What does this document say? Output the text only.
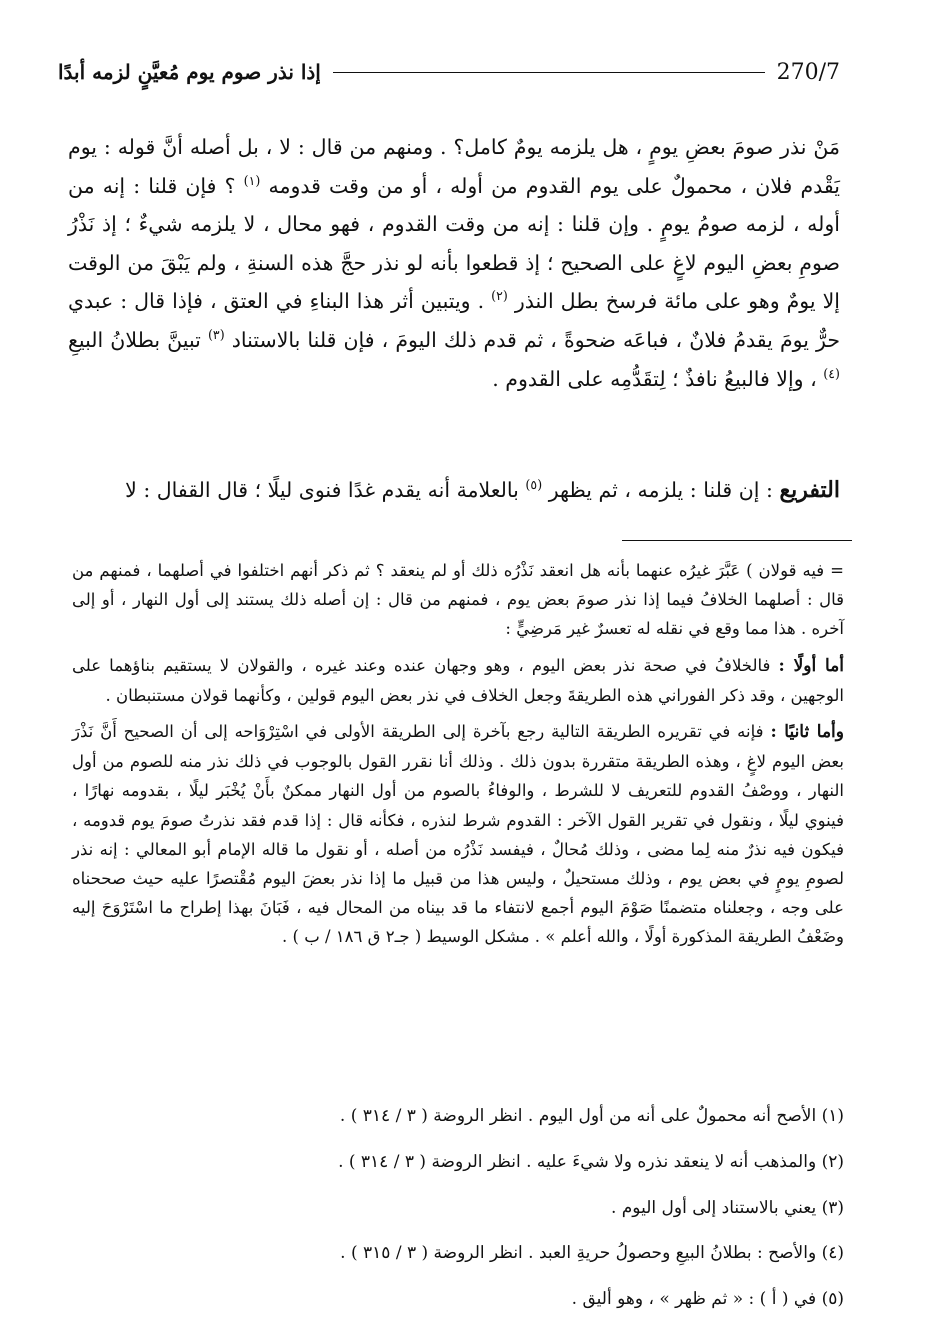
270/7
إذا نذر صوم يوم مُعيَّنٍ لزمه أبدًا

مَنْ نذر صومَ بعضِ يومٍ ، هل يلزمه يومٌ كامل؟ . ومنهم من قال : لا ، بل أصله أنَّ قوله : يوم يَقْدم فلان ، محمولٌ على يوم القدوم من أوله ، أو من وقت قدومه $^{(١)}$ ؟ فإن قلنا : إنه من أوله ، لزمه صومُ يومٍ . وإن قلنا : إنه من وقت القدوم ، فهو محال ، لا يلزمه شيءٌ ؛ إذ نَذْرُ صومِ بعضِ اليوم لاغٍ على الصحيح ؛ إذ قطعوا بأنه لو نذر حجَّ هذه السنةِ ، ولم يَبْقَ من الوقت إلا يومٌ وهو على مائة فرسخ بطل النذر $^{(٢)}$ . ويتبين أثر هذا البناءِ في العتق ، فإذا قال : عبدي حرٌّ يومَ يقدمُ فلانٌ ، فباعَه ضحوةً ، ثم قدم ذلك اليومَ ، فإن قلنا بالاستناد $^{(٣)}$ تبينَّ بطلانُ البيعِ $^{(٤)}$ ، وإلا فالبيعُ نافذٌ ؛ لِتقَدُّمِه على القدوم .

التفريع : إن قلنا : يلزمه ، ثم يظهر $^{(٥)}$ بالعلامة أنه يقدم غدًا فنوى ليلًا ؛ قال القفال : لا

= فيه قولان ) عَبَّرَ غيرُه عنهما بأنه هل انعقد نَذْرُه ذلك أو لم ينعقد ؟ ثم ذكر أنهم اختلفوا في أصلهما ، فمنهم من قال : أصلهما الخلافُ فيما إذا نذر صومَ بعض يوم ، فمنهم من قال : إن أصله ذلك يستند إلى أول النهار ، أو إلى آخره . هذا مما وقع في نقله له تعسرٌ غير مَرضِيٍّ :

أما أولًا : فالخلافُ في صحة نذر بعض اليوم ، وهو وجهان عنده وعند غيره ، والقولان لا يستقيم بناؤهما على الوجهين ، وقد ذكر الفوراني هذه الطريقةَ وجعل الخلاف في نذر بعض اليوم قولين ، وكأنهما قولان مستنبطان .

وأما ثانيًا : فإنه في تقريره الطريقة التالية رجع بآخرة إلى الطريقة الأولى في اسْتِرْوَاحه إلى أن الصحيح أَنَّ نَذْرَ بعض اليوم لاغٍ ، وهذه الطريقة متقررة بدون ذلك . وذلك أنا نقرر القول بالوجوب في ذلك نذر منه للصوم من أول النهار ، ووصْفُ القدوم للتعريف لا للشرط ، والوفاءُ بالصوم من أول النهار ممكنٌ بأَنْ يُخْبَر ليلًا ، بقدومه نهارًا ، فينوي ليلًا ، ونقول في تقرير القول الآخر : القدوم شرط لنذره ، فكأنه قال : إذا قدم فقد نذرتُ صومَ يوم قدومه ، فيكون فيه نذرٌ منه لِما مضى ، وذلك مُحالٌ ، فيفسد نَذْرُه من أصله ، أو نقول ما قاله الإمام أبو المعالي : إنه نذر لصومِ يومٍ في بعض يوم ، وذلك مستحيلٌ ، وليس هذا من قبيل ما إذا نذر بعضَ اليوم مُقْتصرًا عليه حيث صححناه على وجه ، وجعلناه متضمنًا صَوْمَ اليوم أجمع لانتفاء ما قد بيناه من المحال فيه ، فَبَانَ بهذا إطراح ما اسْتَرْوَحَ إليه وضَعْفُ الطريقة المذكورة أولًا ، والله أعلم » . مشكل الوسيط ( جـ٢ ق ١٨٦ / ب ) .

(١) الأصح أنه محمولٌ على أنه من أول اليوم . انظر الروضة ( ٣ / ٣١٤ ) .

(٢) والمذهب أنه لا ينعقد نذره ولا شيءَ عليه . انظر الروضة ( ٣ / ٣١٤ ) .

(٣) يعني بالاستناد إلى أول اليوم .

(٤) والأصح : بطلانُ البيعِ وحصولُ حريةِ العبد . انظر الروضة ( ٣ / ٣١٥ ) .

(٥) في ( أ ) : « ثم ظهر » ، وهو أليق .
